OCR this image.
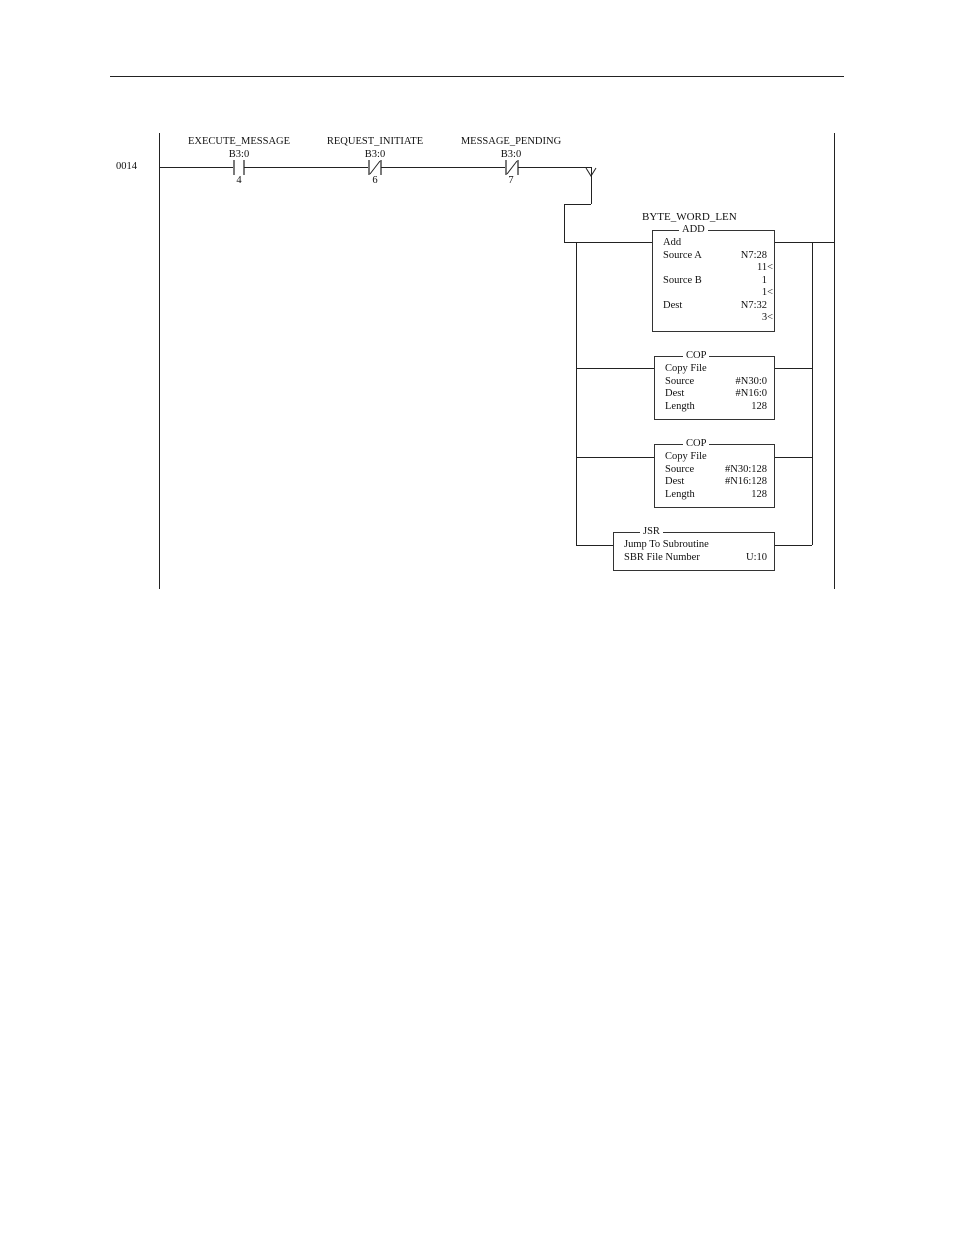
0014
EXECUTE_MESSAGE
B3:0
4
REQUEST_INITIATE
B3:0
6
MESSAGE_PENDING
B3:0
7
BYTE_WORD_LEN
ADD
Add
Source A	N7:28
11<
Source B	1
1<
Dest	N7:32
3<
COP
Copy File
Source	#N30:0
Dest	#N16:0
Length	128
COP
Copy File
Source	#N30:128
Dest	#N16:128
Length	128
JSR
Jump To Subroutine
SBR File Number	U:10
